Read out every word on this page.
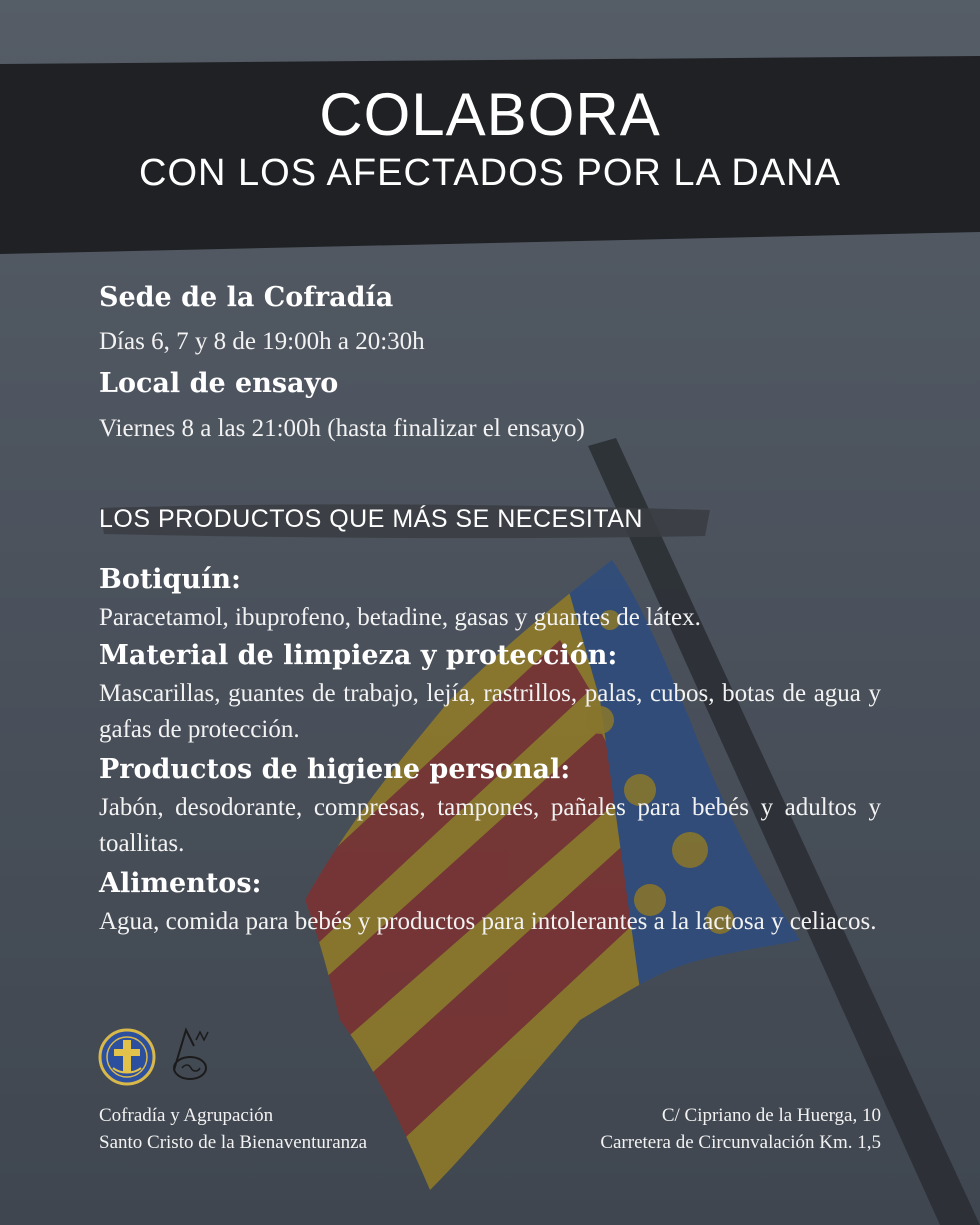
COLABORA
CON LOS AFECTADOS POR LA DANA
Sede de la Cofradía
Días 6, 7 y 8 de 19:00h a 20:30h
Local de ensayo
Viernes 8 a las 21:00h (hasta finalizar el ensayo)
LOS PRODUCTOS QUE MÁS SE NECESITAN
Botiquín:
Paracetamol, ibuprofeno, betadine, gasas y guantes de látex.
Material de limpieza y protección:
Mascarillas, guantes de trabajo, lejía, rastrillos, palas, cubos, botas de agua y gafas de protección.
Productos de higiene personal:
Jabón, desodorante, compresas, tampones, pañales para bebés y adultos y toallitas.
Alimentos:
Agua, comida para bebés y productos para intolerantes a la lactosa y celiacos.
Cofradía y Agrupación
Santo Cristo de la Bienaventuranza
C/ Cipriano de la Huerga, 10
Carretera de Circunvalación Km. 1,5
